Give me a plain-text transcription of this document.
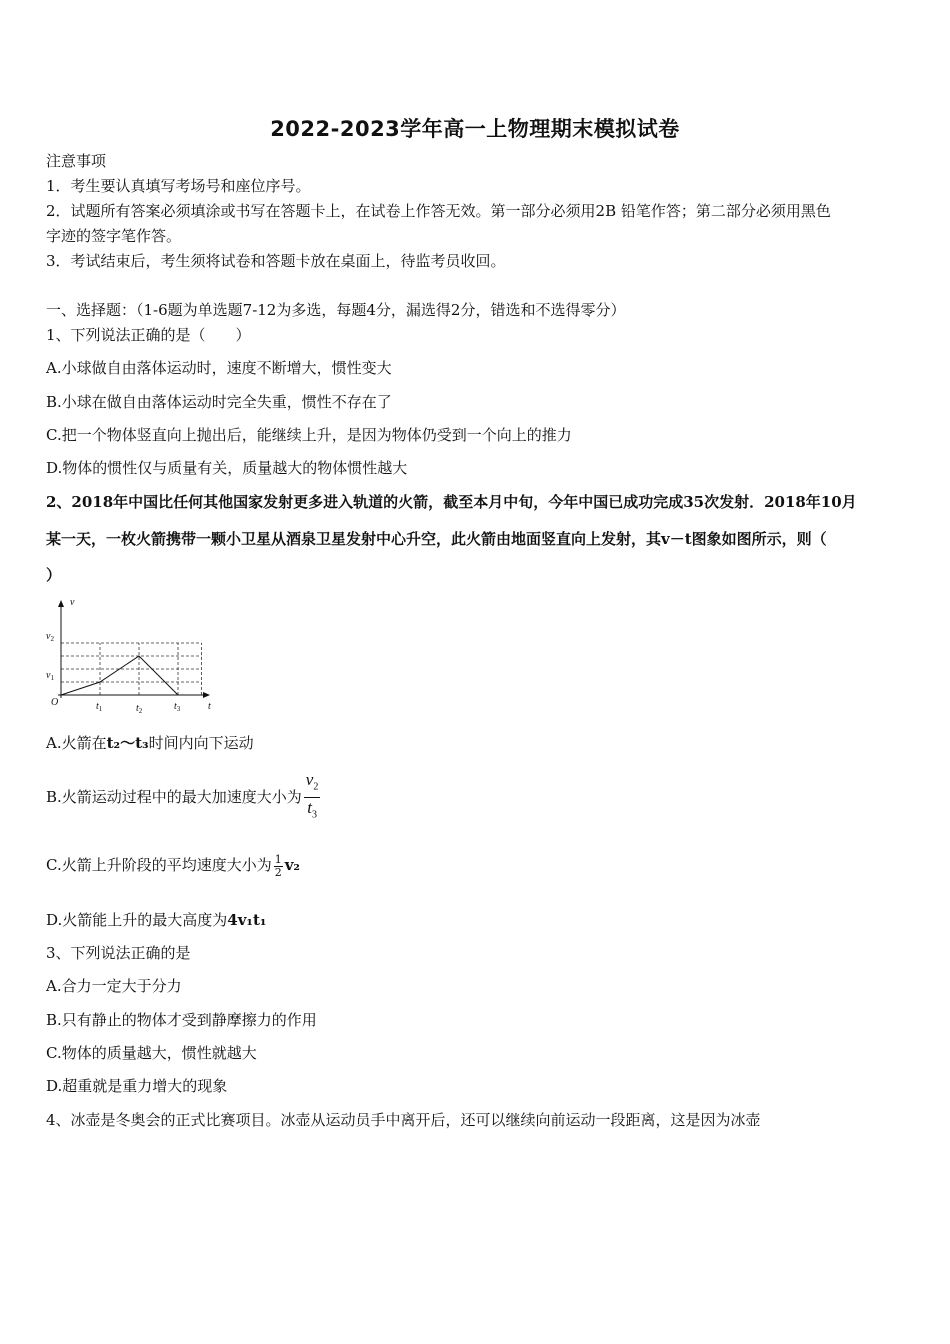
2022-2023学年高一上物理期末模拟试卷
注意事项
1．考生要认真填写考场号和座位序号。
2．试题所有答案必须填涂或书写在答题卡上，在试卷上作答无效。第一部分必须用2B 铅笔作答；第二部分必须用黑色
字迹的签字笔作答。
3．考试结束后，考生须将试卷和答题卡放在桌面上，待监考员收回。
一、选择题：（1-6题为单选题7-12为多选，每题4分，漏选得2分，错选和不选得零分）
1、下列说法正确的是（　　）
A.小球做自由落体运动时，速度不断增大，惯性变大
B.小球在做自由落体运动时完全失重，惯性不存在了
C.把一个物体竖直向上抛出后，能继续上升，是因为物体仍受到一个向上的推力
D.物体的惯性仅与质量有关，质量越大的物体惯性越大
2、2018年中国比任何其他国家发射更多进入轨道的火箭，截至本月中旬，今年中国已成功完成35次发射．2018年10月
某一天，一枚火箭携带一颗小卫星从酒泉卫星发射中心升空，此火箭由地面竖直向上发射，其v－t图象如图所示，则（
）
v
t
O
$v_2$
$v_1$
$t_1$	$t_2$	$t_3$
A.火箭在t₂～t₃时间内向下运动
B.火箭运动过程中的最大加速度大小为 $\frac{v_2}{t_3}$
C.火箭上升阶段的平均速度大小为 $\frac{1}{2} v_2$
D.火箭能上升的最大高度为4v₁t₁
3、下列说法正确的是
A.合力一定大于分力
B.只有静止的物体才受到静摩擦力的作用
C.物体的质量越大，惯性就越大
D.超重就是重力增大的现象
4、冰壶是冬奥会的正式比赛项目。冰壶从运动员手中离开后，还可以继续向前运动一段距离，这是因为冰壶
